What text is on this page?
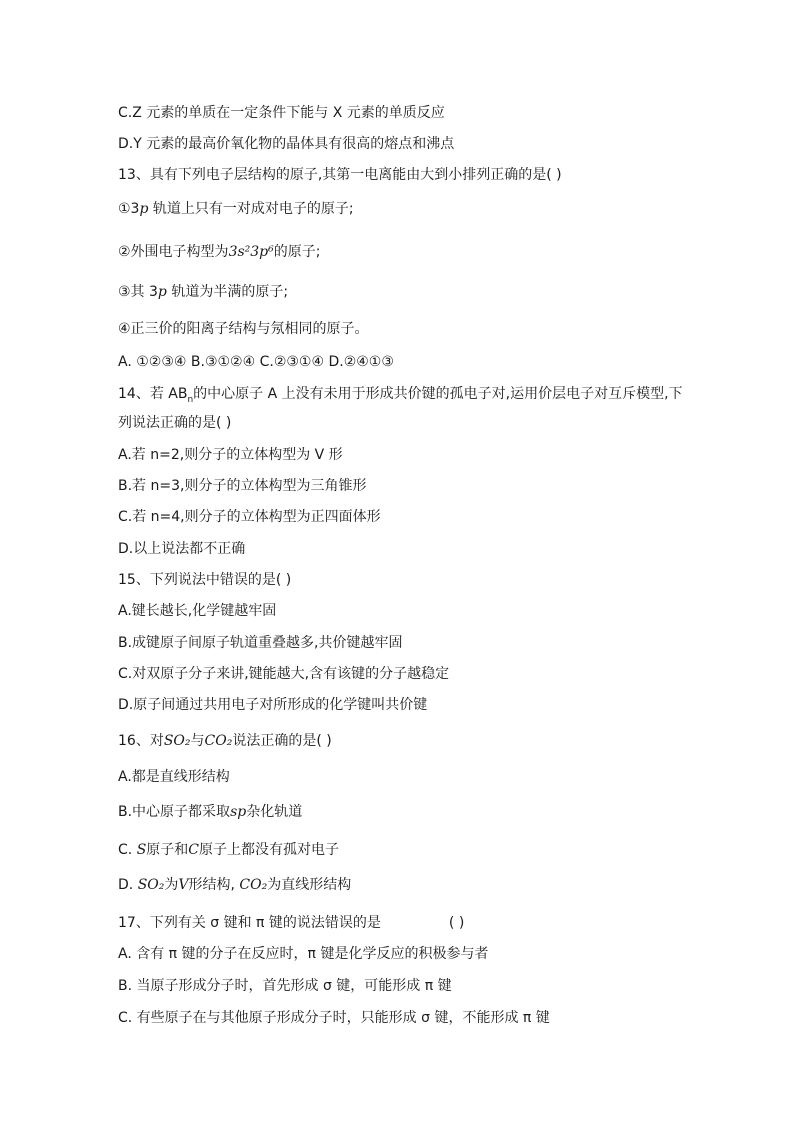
C.Z 元素的单质在一定条件下能与 X 元素的单质反应
D.Y 元素的最高价氧化物的晶体具有很高的熔点和沸点
13、具有下列电子层结构的原子,其第一电离能由大到小排列正确的是( )
①3p 轨道上只有一对成对电子的原子;
②外围电子构型为3s²3p⁶的原子;
③其 3p 轨道为半满的原子;
④正三价的阳离子结构与氖相同的原子。
A. ①②③④ B.③①②④ C.②③①④ D.②④①③
14、若 $AB_n$的中心原子 A 上没有未用于形成共价键的孤电子对,运用价层电子对互斥模型,下
列说法正确的是( )
A.若 n=2,则分子的立体构型为 V 形
B.若 n=3,则分子的立体构型为三角锥形
C.若 n=4,则分子的立体构型为正四面体形
D.以上说法都不正确
15、下列说法中错误的是( )
A.键长越长,化学键越牢固
B.成键原子间原子轨道重叠越多,共价键越牢固
C.对双原子分子来讲,键能越大,含有该键的分子越稳定
D.原子间通过共用电子对所形成的化学键叫共价键
16、对SO₂与CO₂说法正确的是( )
A.都是直线形结构
B.中心原子都采取sp杂化轨道
C. S原子和C原子上都没有孤对电子
D. SO₂为V形结构, CO₂为直线形结构
17、下列有关 σ 键和 π 键的说法错误的是	( )
A. 含有 π 键的分子在反应时，π 键是化学反应的积极参与者
B. 当原子形成分子时，首先形成 σ 键，可能形成 π 键
C. 有些原子在与其他原子形成分子时，只能形成 σ 键，不能形成 π 键
